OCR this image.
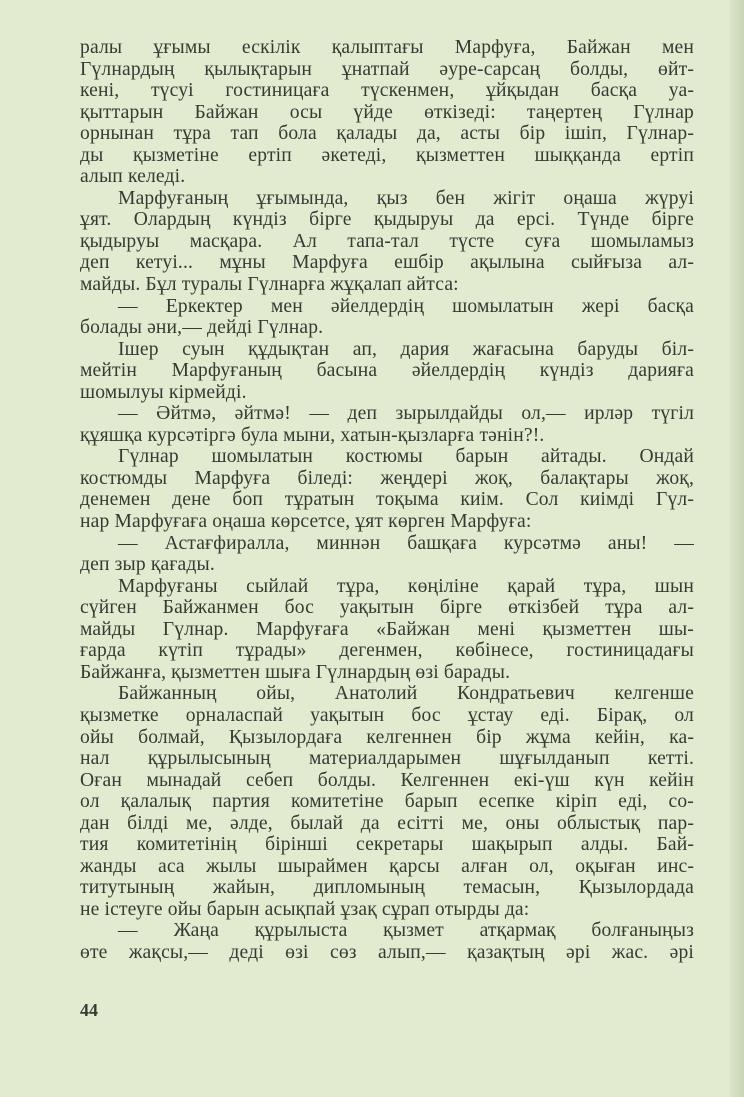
ралы ұғымы ескілік қалыптағы Марфуға, Байжан мен
Гүлнардың қылықтарын ұнатпай әуре-сарсаң болды, өйт-
кені, түсуі гостиницаға түскенмен, ұйқыдан басқа уа-
қыттарын Байжан осы үйде өткізеді: таңертең Гүлнар
орнынан тұра тап бола қалады да, асты бір ішіп, Гүлнар-
ды қызметіне ертіп әкетеді, қызметтен шыққанда ертіп
алып келеді.
Марфуғаның ұғымында, қыз бен жігіт оңаша жүруі
ұят. Олардың күндіз бірге қыдыруы да ерсі. Түнде бірге
қыдыруы масқара. Ал тапа-тал түсте суға шомыламыз
деп кетуі... мұны Марфуға ешбір ақылына сыйғыза ал-
майды. Бұл туралы Гүлнарға жұқалап айтса:
— Еркектер мен әйелдердің шомылатын жері басқа
болады әни,— дейді Гүлнар.
Ішер суын құдықтан ап, дария жағасына баруды біл-
мейтін Марфуғаның басына әйелдердің күндіз дарияға
шомылуы кірмейді.
— Әйтмә, әйтмә! — деп зырылдайды ол,— ирләр түгіл
құяшқа курсәтіргә була мыни, хатын-қызларға тәнін?!.
Гүлнар шомылатын костюмы барын айтады. Ондай
костюмды Марфуға біледі: жеңдері жоқ, балақтары жоқ,
денемен дене боп тұратын тоқыма киім. Сол киімді Гүл-
нар Марфуғаға оңаша көрсетсе, ұят көрген Марфуға:
— Астағфиралла, миннән башқаға курсәтмә аны! —
деп зыр қағады.
Марфуғаны сыйлай тұра, көңіліне қарай тұра, шын
сүйген Байжанмен бос уақытын бірге өткізбей тұра ал-
майды Гүлнар. Марфуғаға «Байжан мені қызметтен шы-
ғарда күтіп тұрады» дегенмен, көбінесе, гостиницадағы
Байжанға, қызметтен шыға Гүлнардың өзі барады.
Байжанның ойы, Анатолий Кондратьевич келгенше
қызметке орналаспай уақытын бос ұстау еді. Бірақ, ол
ойы болмай, Қызылордаға келгеннен бір жұма кейін, ка-
нал құрылысының материалдарымен шұғылданып кетті.
Оған мынадай себеп болды. Келгеннен екі-үш күн кейін
ол қалалық партия комитетіне барып есепке кіріп еді, со-
дан білді ме, әлде, былай да есітті ме, оны облыстық пар-
тия комитетінің бірінші секретары шақырып алды. Бай-
жанды аса жылы шыраймен қарсы алған ол, оқыған инс-
титутының жайын, дипломының темасын, Қызылордада
не істеуге ойы барын асықпай ұзақ сұрап отырды да:
— Жаңа құрылыста қызмет атқармақ болғаныңыз
өте жақсы,— деді өзі сөз алып,— қазақтың әрі жас. әрі
44
